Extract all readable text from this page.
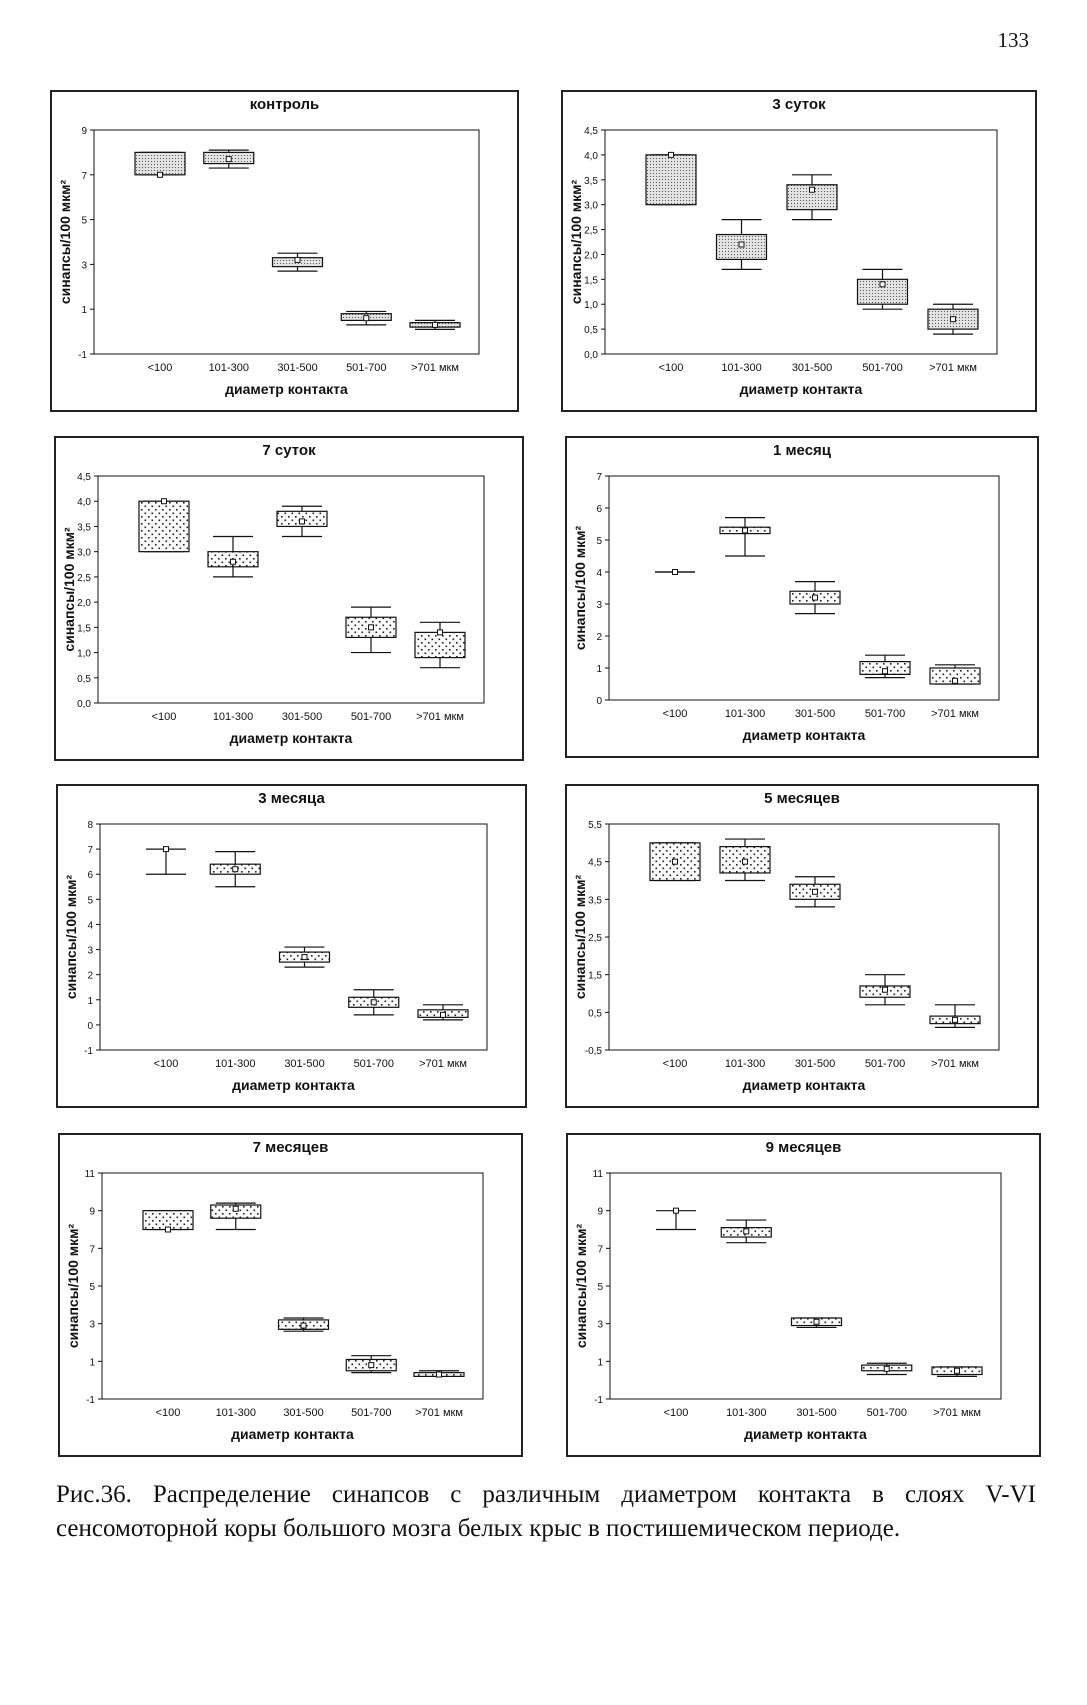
133
контроль
-1
1
3
5
7
9
синапсы/100 мкм²
<100	101-300	301-500	501-700 >701 мкм
диаметр контакта
3 суток
0,0
0,5
1,0
1,5
2,0
2,5
3,0
3,5
4,0
4,5
синапсы/100 мкм²
<100	101-300	301-500	501-700 >701 мкм
диаметр контакта
7 суток
0,0
0,5
1,0
1,5
2,0
2,5
3,0
3,5
4,0
4,5
синапсы/100 мкм²
<100	101-300	301-500	501-700 >701 мкм
диаметр контакта
1 месяц
0
1
2
3
4
5
6
7
синапсы/100 мкм²
<100	101-300	301-500	501-700 >701 мкм
диаметр контакта
3 месяца
-1
0
1
2
3
4
5
6
7
8
синапсы/100 мкм²
<100	101-300	301-500	501-700 >701 мкм
диаметр контакта
5 месяцев
-0,5
0,5
1,5
2,5
3,5
4,5
5,5
синапсы/100 мкм²
<100	101-300	301-500	501-700 >701 мкм
диаметр контакта
7 месяцев
-1
1
3
5
7
9
11
синапсы/100 мкм²
<100	101-300 301-500 501-700 >701 мкм
диаметр контакта
9 месяцев
-1
1
3
5
7
9
11
синапсы/100 мкм²
<100	101-300	301-500	501-700 >701 мкм
диаметр контакта
Рис.36. Распределение синапсов с различным диаметром контакта в слоях V-VI сенсомоторной коры большого мозга белых крыс в постишемическом периоде.
